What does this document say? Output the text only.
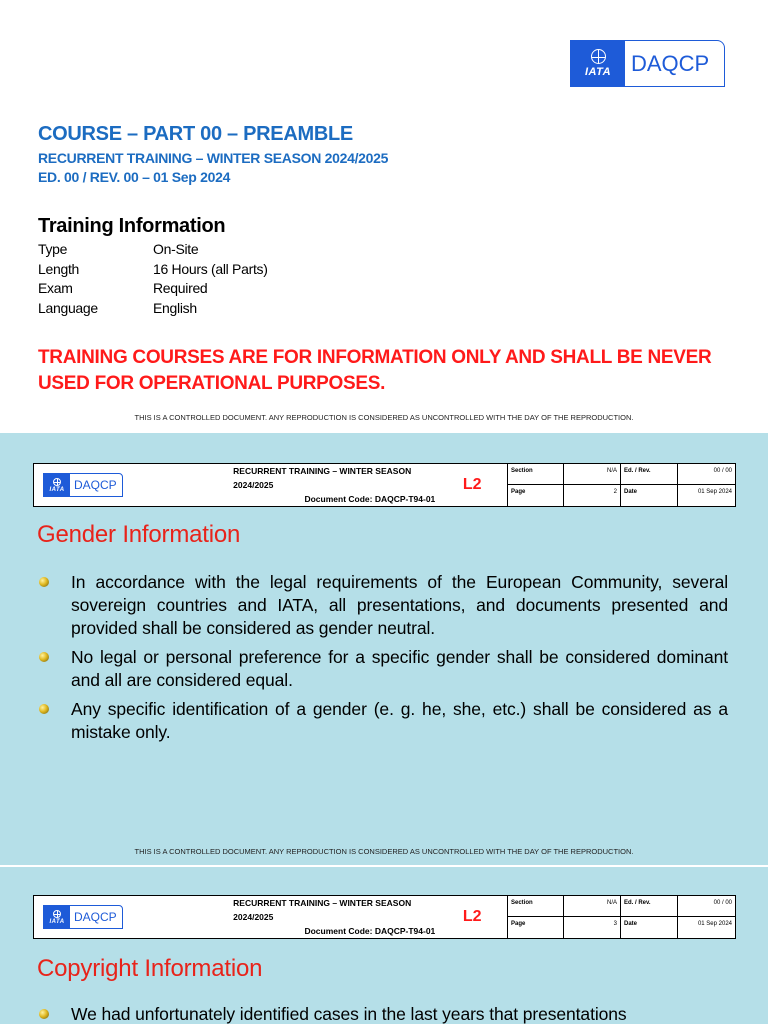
IATA DAQCP
COURSE – PART 00 – PREAMBLE
RECURRENT TRAINING – WINTER SEASON 2024/2025
ED. 00 / REV. 00 – 01 Sep 2024
Training Information
Type	On-Site
Length	16 Hours (all Parts)
Exam	Required
Language	English
TRAINING COURSES ARE FOR INFORMATION ONLY AND SHALL BE NEVER USED FOR OPERATIONAL PURPOSES.
THIS IS A CONTROLLED DOCUMENT. ANY REPRODUCTION IS CONSIDERED AS UNCONTROLLED WITH THE DAY OF THE REPRODUCTION.
IATA DAQCP
RECURRENT TRAINING – WINTER SEASON 2024/2025
Document Code: DAQCP-T94-01
L2
Section	N/A	Ed. / Rev.	00 / 00
Page	2	Date	01 Sep 2024
Gender Information
In accordance with the legal requirements of the European Community, several sovereign countries and IATA, all presentations, and documents presented and provided shall be considered as gender neutral.
No legal or personal preference for a specific gender shall be considered dominant and all are considered equal.
Any specific identification of a gender (e. g. he, she, etc.) shall be considered as a mistake only.
THIS IS A CONTROLLED DOCUMENT. ANY REPRODUCTION IS CONSIDERED AS UNCONTROLLED WITH THE DAY OF THE REPRODUCTION.
IATA DAQCP
RECURRENT TRAINING – WINTER SEASON 2024/2025
Document Code: DAQCP-T94-01
L2
Section	N/A	Ed. / Rev.	00 / 00
Page	3	Date	01 Sep 2024
Copyright Information
We had unfortunately identified cases in the last years that presentations
